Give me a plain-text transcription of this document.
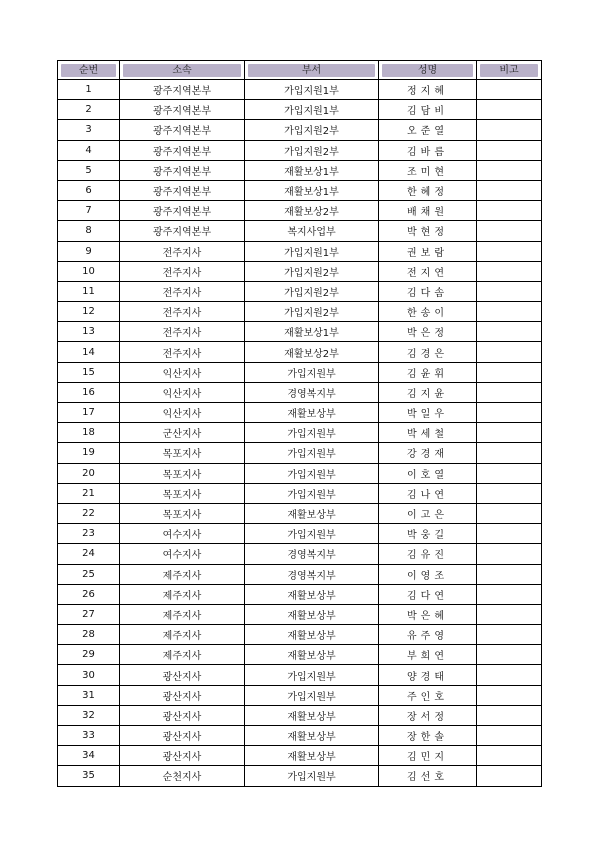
순번	소속	부서	성명	비고

1	광주지역본부	가입지원1부	정지혜	
2	광주지역본부	가입지원1부	김담비	
3	광주지역본부	가입지원2부	오준열	
4	광주지역본부	가입지원2부	김바름	
5	광주지역본부	재활보상1부	조미현	
6	광주지역본부	재활보상1부	한혜정	
7	광주지역본부	재활보상2부	배채원	
8	광주지역본부	복지사업부	박현정	
9	전주지사	가입지원1부	권보람	
10	전주지사	가입지원2부	전지연	
11	전주지사	가입지원2부	김다솜	
12	전주지사	가입지원2부	한송이	
13	전주지사	재활보상1부	박은정	
14	전주지사	재활보상2부	김경은	
15	익산지사	가입지원부	김윤휘	
16	익산지사	경영복지부	김지윤	
17	익산지사	재활보상부	박일우	
18	군산지사	가입지원부	박세철	
19	목포지사	가입지원부	강경재	
20	목포지사	가입지원부	이호열	
21	목포지사	가입지원부	김나연	
22	목포지사	재활보상부	이고은	
23	여수지사	가입지원부	박웅길	
24	여수지사	경영복지부	김유진	
25	제주지사	경영복지부	이영조	
26	제주지사	재활보상부	김다연	
27	제주지사	재활보상부	박은혜	
28	제주지사	재활보상부	유주영	
29	제주지사	재활보상부	부희연	
30	광산지사	가입지원부	양경태	
31	광산지사	가입지원부	주인호	
32	광산지사	재활보상부	장서정	
33	광산지사	재활보상부	장한솔	
34	광산지사	재활보상부	김민지	
35	순천지사	가입지원부	김선호	
